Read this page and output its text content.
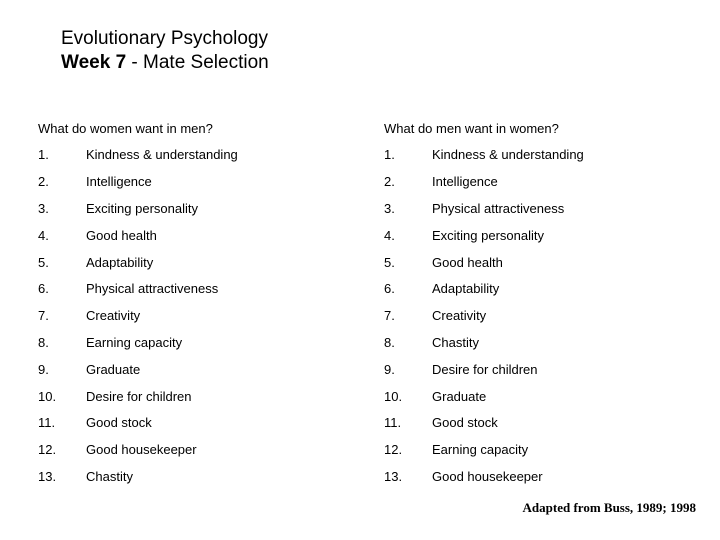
Evolutionary Psychology
Week 7 - Mate Selection
What do women want in men?
1.	Kindness & understanding
2.	Intelligence
3.	Exciting personality
4.	Good health
5.	Adaptability
6.	Physical attractiveness
7.	Creativity
8.	Earning capacity
9.	Graduate
10. Desire for children
11. Good stock
12. Good housekeeper
13. Chastity
What do men want in women?
1.	Kindness & understanding
2.	Intelligence
3.	Physical attractiveness
4.	Exciting personality
5.	Good health
6.	Adaptability
7.	Creativity
8.	Chastity
9.	Desire for children
10. Graduate
11. Good stock
12. Earning capacity
13. Good housekeeper
Adapted from Buss, 1989; 1998
